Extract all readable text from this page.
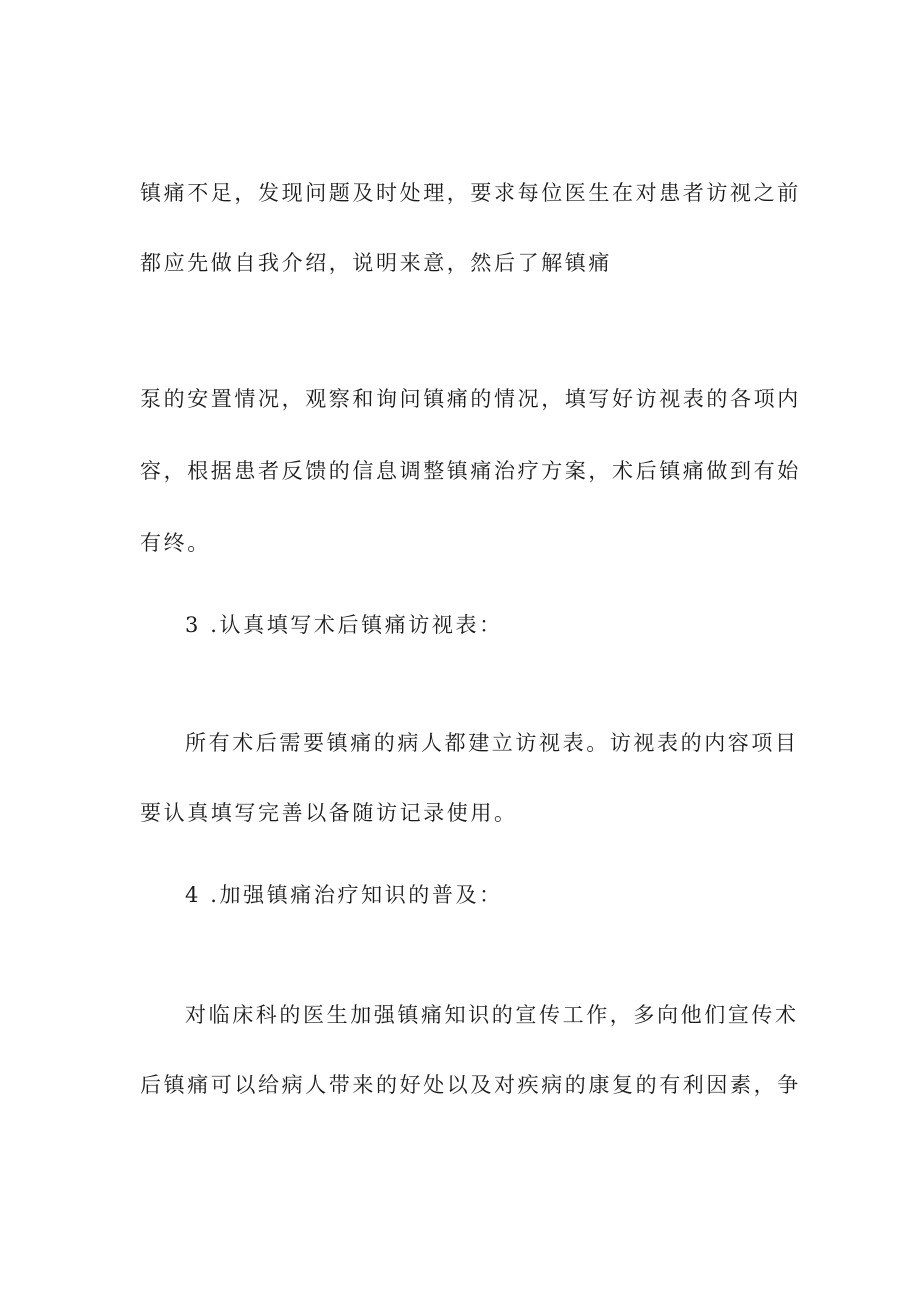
镇痛不足，发现问题及时处理，要求每位医生在对患者访视之前
都应先做自我介绍，说明来意，然后了解镇痛
泵的安置情况，观察和询问镇痛的情况，填写好访视表的各项内
容，根据患者反馈的信息调整镇痛治疗方案，术后镇痛做到有始
有终。
3 .认真填写术后镇痛访视表：
所有术后需要镇痛的病人都建立访视表。访视表的内容项目
要认真填写完善以备随访记录使用。
4 .加强镇痛治疗知识的普及：
对临床科的医生加强镇痛知识的宣传工作，多向他们宣传术
后镇痛可以给病人带来的好处以及对疾病的康复的有利因素，争
